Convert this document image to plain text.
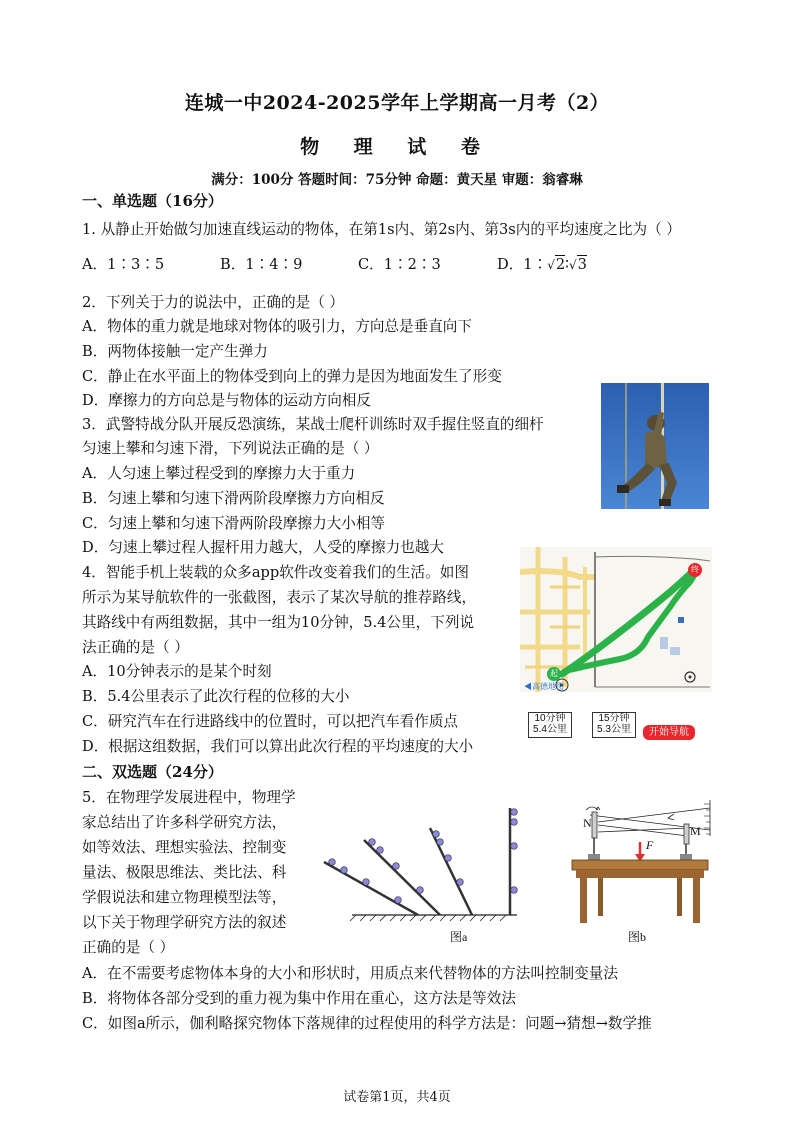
连城一中2024-2025学年上学期高一月考（2）
物 理 试 卷
满分：100分 答题时间：75分钟 命题：黄天星 审题：翁睿琳
一、单选题（16分）
1. 从静止开始做匀加速直线运动的物体，在第1s内、第2s内、第3s内的平均速度之比为（ ）
A．1∶3∶5	B．1∶4∶9	C．1∶2∶3	D．1∶√2∶√3
2．下列关于力的说法中，正确的是（ ）
A．物体的重力就是地球对物体的吸引力，方向总是垂直向下
B．两物体接触一定产生弹力
C．静止在水平面上的物体受到向上的弹力是因为地面发生了形变
D．摩擦力的方向总是与物体的运动方向相反
3．武警特战分队开展反恐演练，某战士爬杆训练时双手握住竖直的细杆
匀速上攀和匀速下滑，下列说法正确的是（ ）
A．人匀速上攀过程受到的摩擦力大于重力
B．匀速上攀和匀速下滑两阶段摩擦力方向相反
C．匀速上攀和匀速下滑两阶段摩擦力大小相等
D．匀速上攀过程人握杆用力越大，人受的摩擦力也越大
4．智能手机上装载的众多app软件改变着我们的生活。如图
所示为某导航软件的一张截图，表示了某次导航的推荐路线，
其路线中有两组数据，其中一组为10分钟，5.4公里，下列说
法正确的是（ ）
A．10分钟表示的是某个时刻
B．5.4公里表示了此次行程的位移的大小
C．研究汽车在行进路线中的位置时，可以把汽车看作质点
D．根据这组数据，我们可以算出此次行程的平均速度的大小
起
终
◀高德地图
10分钟
5.4公里
15分钟
5.3公里	开始导航
二、双选题（24分）
5．在物理学发展进程中，物理学
家总结出了许多科学研究方法，
如等效法、理想实验法、控制变
量法、极限思维法、类比法、科
学假说法和建立物理模型法等，
以下关于物理学研究方法的叙述
正确的是（ ）
图a
N
M
F
图b
A．在不需要考虑物体本身的大小和形状时，用质点来代替物体的方法叫控制变量法
B．将物体各部分受到的重力视为集中作用在重心，这方法是等效法
C．如图a所示，伽利略探究物体下落规律的过程使用的科学方法是：问题→猜想→数学推
试卷第1页，共4页
